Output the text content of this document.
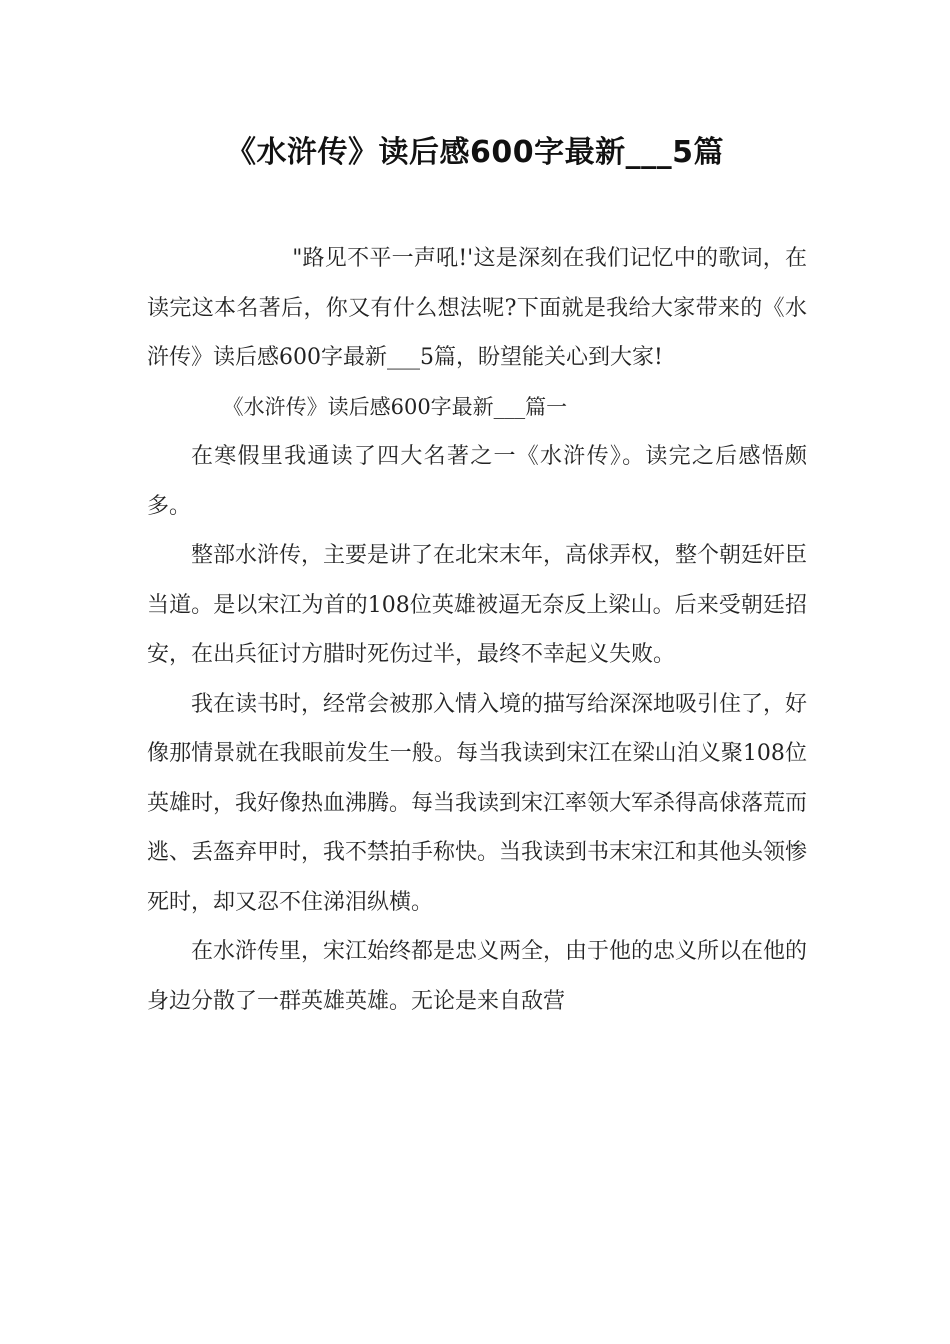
《水浒传》读后感600字最新___5篇

"路见不平一声吼!'这是深刻在我们记忆中的歌词，在读完这本名著后，你又有什么想法呢?下面就是我给大家带来的《水浒传》读后感600字最新___5篇，盼望能关心到大家!

《水浒传》读后感600字最新___篇一

在寒假里我通读了四大名著之一《水浒传》。读完之后感悟颇多。

整部水浒传，主要是讲了在北宋末年，高俅弄权，整个朝廷奸臣当道。是以宋江为首的108位英雄被逼无奈反上梁山。后来受朝廷招安，在出兵征讨方腊时死伤过半，最终不幸起义失败。

我在读书时，经常会被那入情入境的描写给深深地吸引住了，好像那情景就在我眼前发生一般。每当我读到宋江在梁山泊义聚108位英雄时，我好像热血沸腾。每当我读到宋江率领大军杀得高俅落荒而逃、丢盔弃甲时，我不禁拍手称快。当我读到书末宋江和其他头领惨死时，却又忍不住涕泪纵横。

在水浒传里，宋江始终都是忠义两全，由于他的忠义所以在他的身边分散了一群英雄英雄。无论是来自敌营
